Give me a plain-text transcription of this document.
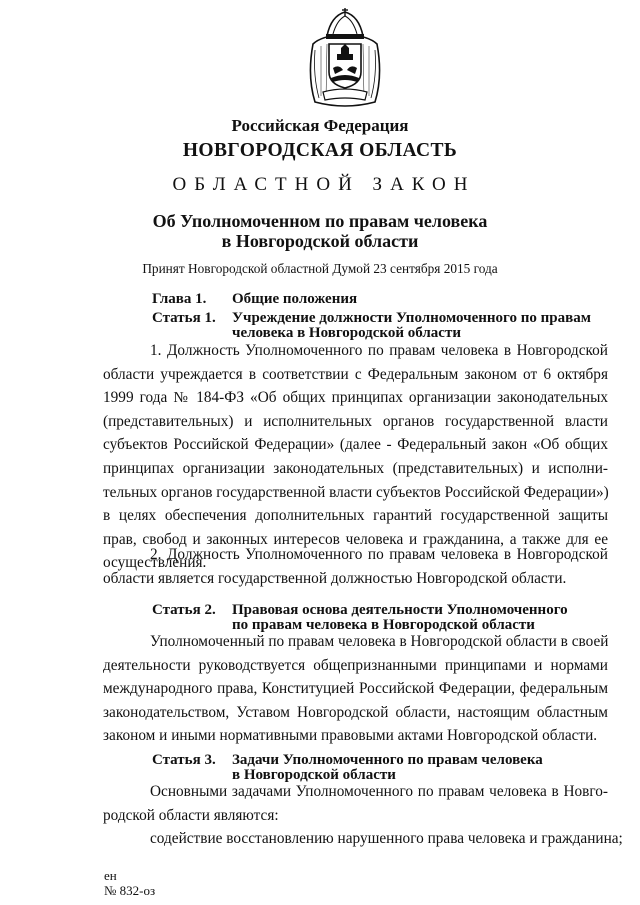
Российская Федерация
НОВГОРОДСКАЯ ОБЛАСТЬ
ОБЛАСТНОЙ ЗАКОН
Об Уполномоченном по правам человека
в Новгородской области
Принят Новгородской областной Думой 23 сентября 2015 года
Глава 1. Общие положения
Статья 1. Учреждение должности Уполномоченного по правам
человека в Новгородской области
1. Должность Уполномоченного по правам человека в Новгородской
области учреждается в соответствии с Федеральным законом от 6 октября
1999 года № 184-ФЗ «Об общих принципах организации законодательных
(представительных) и исполнительных органов государственной власти
субъектов Российской Федерации» (далее - Федеральный закон «Об общих
принципах организации законодательных (представительных) и исполни-
тельных органов государственной власти субъектов Российской Федерации»)
в целях обеспечения дополнительных гарантий государственной защиты
прав, свобод и законных интересов человека и гражданина, а также для ее
осуществления.
2. Должность Уполномоченного по правам человека в Новгородской
области является государственной должностью Новгородской области.
Статья 2. Правовая основа деятельности Уполномоченного
по правам человека в Новгородской области
Уполномоченный по правам человека в Новгородской области в своей
деятельности руководствуется общепризнанными принципами и нормами
международного права, Конституцией Российской Федерации, федеральным
законодательством, Уставом Новгородской области, настоящим областным
законом и иными нормативными правовыми актами Новгородской области.
Статья 3. Задачи Уполномоченного по правам человека
в Новгородской области
Основными задачами Уполномоченного по правам человека в Новго-
родской области являются:
содействие восстановлению нарушенного права человека и гражданина;
ен
№ 832-оз
